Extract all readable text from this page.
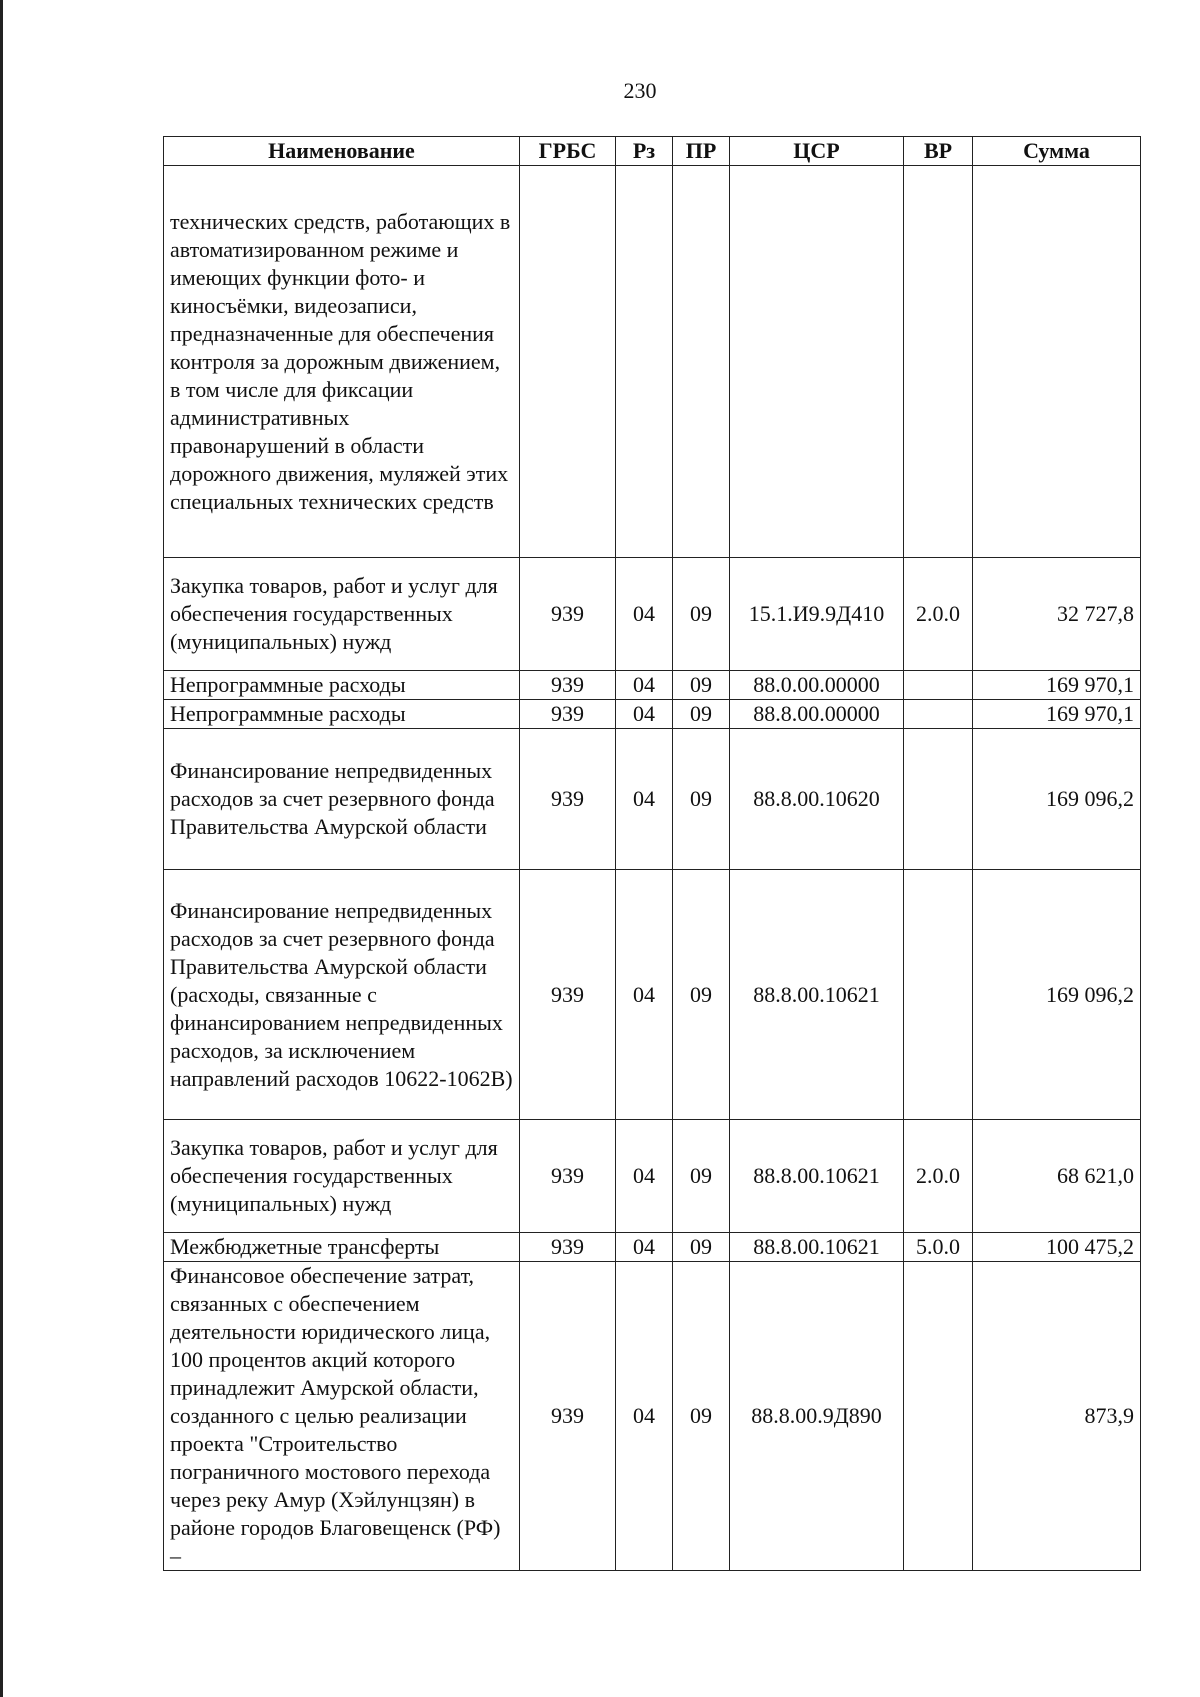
230
Наименование	ГРБС	Рз	ПР	ЦСР	ВР	Сумма
технических средств, работающих в автоматизированном режиме и имеющих функции фото- и киносъёмки, видеозаписи, предназначенные для обеспечения контроля за дорожным движением, в том числе для фиксации административных правонарушений в области дорожного движения, муляжей этих специальных технических средств						
Закупка товаров, работ и услуг для обеспечения государственных (муниципальных) нужд	939	04	09	15.1.И9.9Д410	2.0.0	32 727,8
Непрограммные расходы	939	04	09	88.0.00.00000		169 970,1
Непрограммные расходы	939	04	09	88.8.00.00000		169 970,1
Финансирование непредвиденных расходов за счет резервного фонда Правительства Амурской области	939	04	09	88.8.00.10620		169 096,2
Финансирование непредвиденных расходов за счет резервного фонда Правительства Амурской области (расходы, связанные с финансированием непредвиденных расходов, за исключением направлений расходов 10622-1062В)	939	04	09	88.8.00.10621		169 096,2
Закупка товаров, работ и услуг для обеспечения государственных (муниципальных) нужд	939	04	09	88.8.00.10621	2.0.0	68 621,0
Межбюджетные трансферты	939	04	09	88.8.00.10621	5.0.0	100 475,2
Финансовое обеспечение затрат, связанных с обеспечением деятельности юридического лица, 100 процентов акций которого принадлежит Амурской области, созданного с целью реализации проекта "Строительство пограничного мостового перехода через реку Амур (Хэйлунцзян) в районе городов Благовещенск (РФ) –	939	04	09	88.8.00.9Д890		873,9
